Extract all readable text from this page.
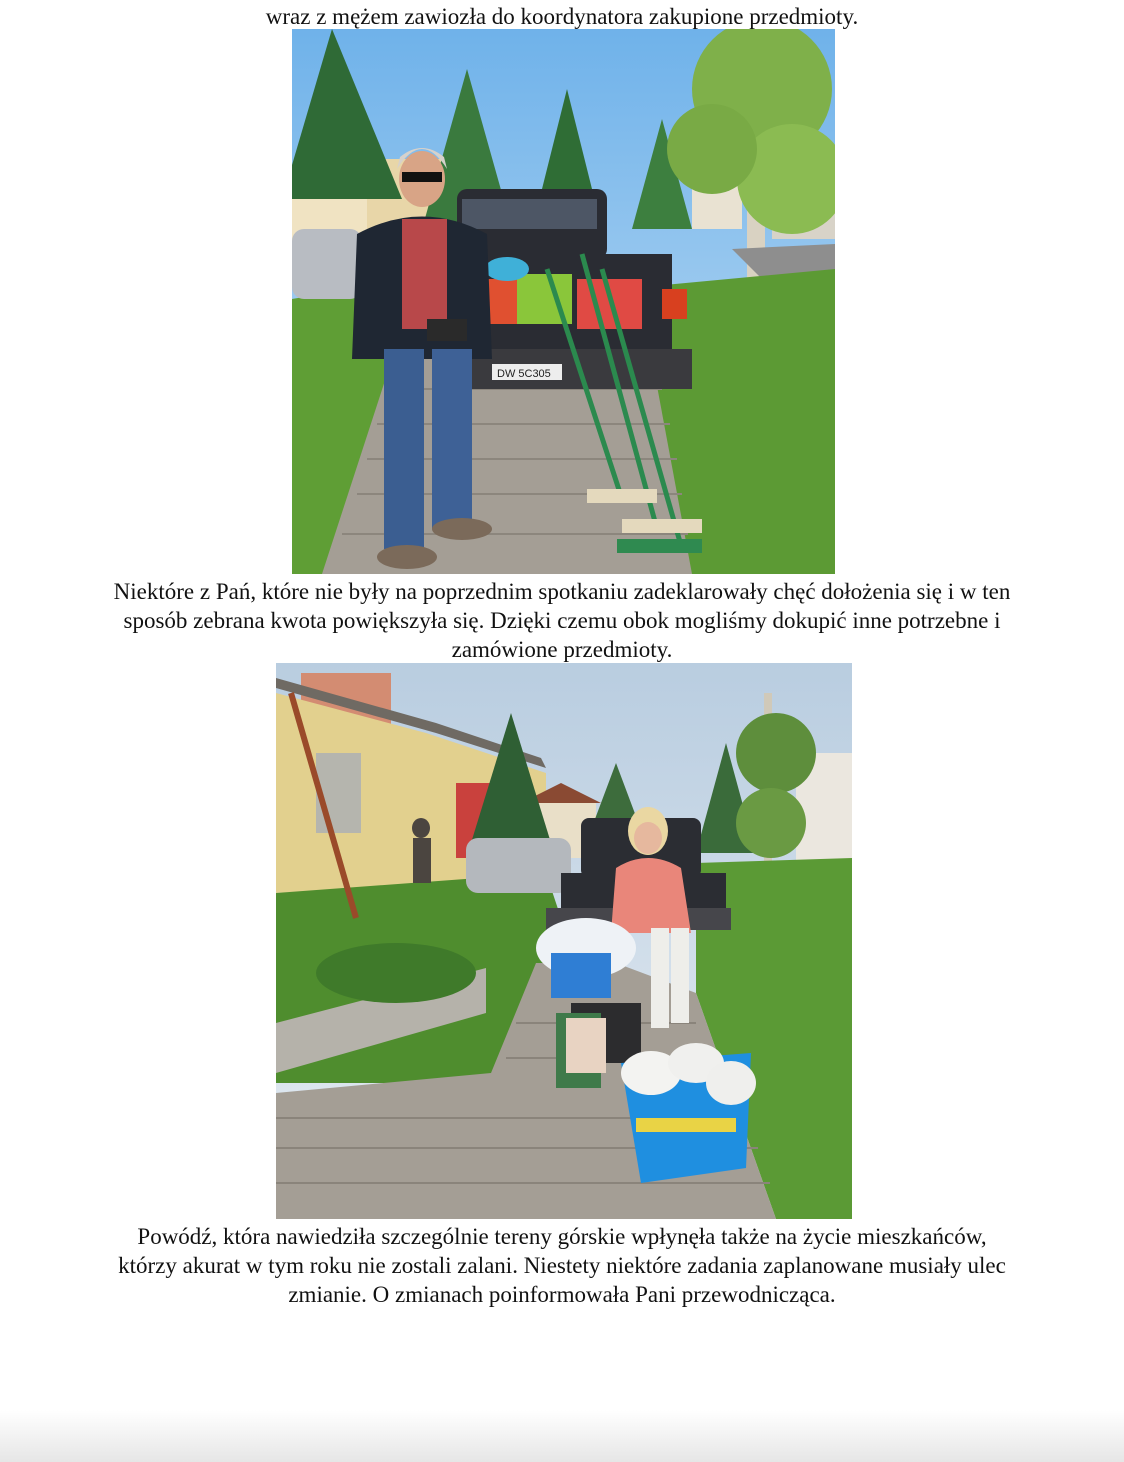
wraz z mężem zawiozła do koordynatora zakupione przedmioty.

DW 5C305

Niektóre z Pań, które nie były na poprzednim spotkaniu zadeklarowały chęć dołożenia się i w ten sposób zebrana kwota powiększyła się. Dzięki czemu obok mogliśmy dokupić inne potrzebne i zamówione przedmioty.

Powódź, która nawiedziła szczególnie tereny górskie wpłynęła także na życie mieszkańców, którzy akurat w tym roku nie zostali zalani. Niestety niektóre zadania zaplanowane musiały ulec zmianie. O zmianach poinformowała Pani przewodnicząca.
